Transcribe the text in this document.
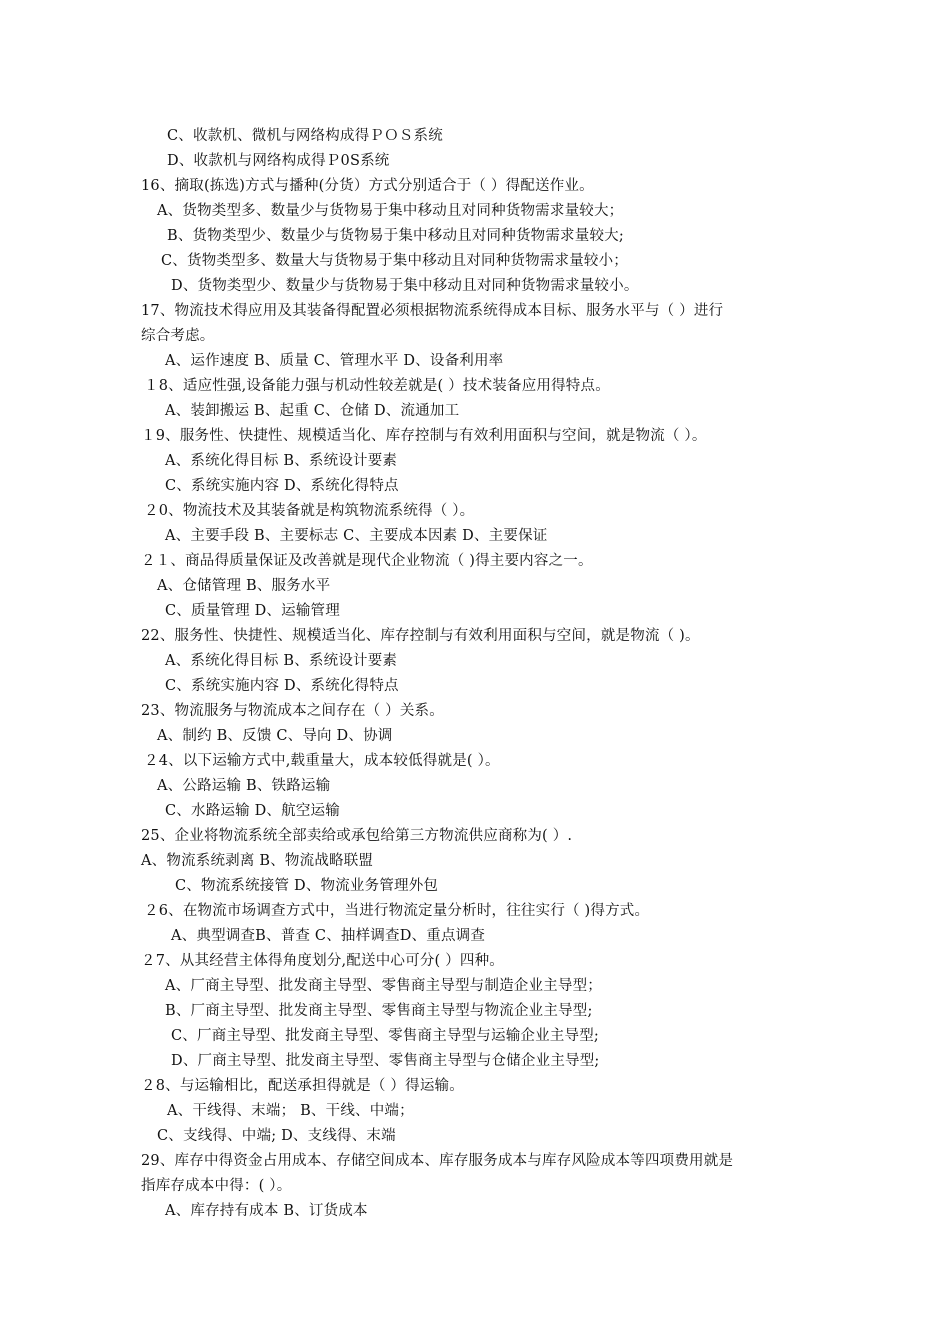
C、收款机、微机与网络构成得ＰＯＳ系统
D、收款机与网络构成得Ｐ0S系统
16、摘取(拣选)方式与播种(分货）方式分别适合于（ ）得配送作业。
A、货物类型多、数量少与货物易于集中移动且对同种货物需求量较大；
B、货物类型少、数量少与货物易于集中移动且对同种货物需求量较大;
C、货物类型多、数量大与货物易于集中移动且对同种货物需求量较小；
D、货物类型少、数量少与货物易于集中移动且对同种货物需求量较小。
17、物流技术得应用及其装备得配置必须根据物流系统得成本目标、服务水平与（ ）进行
综合考虑。
A、运作速度 B、质量 C、管理水平 D、设备利用率
１8、适应性强,设备能力强与机动性较差就是( ）技术装备应用得特点。
A、装卸搬运 B、起重 C、仓储 D、流通加工
１9、服务性、快捷性、规模适当化、库存控制与有效利用面积与空间，就是物流（ ）。
A、系统化得目标 B、系统设计要素
C、系统实施内容 D、系统化得特点
２0、物流技术及其装备就是构筑物流系统得（ ）。
A、主要手段 B、主要标志 C、主要成本因素 D、主要保证
２１、商品得质量保证及改善就是现代企业物流（ )得主要内容之一。
A、仓储管理 B、服务水平
C、质量管理 D、运输管理
22、服务性、快捷性、规模适当化、库存控制与有效利用面积与空间，就是物流（ )。
A、系统化得目标 B、系统设计要素
C、系统实施内容 D、系统化得特点
23、物流服务与物流成本之间存在（ ）关系。
A、制约 B、反馈 C、导向 D、协调
２4、以下运输方式中,载重量大，成本较低得就是( ）。
A、公路运输 B、铁路运输
C、水路运输 D、航空运输
25、企业将物流系统全部卖给或承包给第三方物流供应商称为( ）.
A、物流系统剥离 B、物流战略联盟
C、物流系统接管 D、物流业务管理外包
２6、在物流市场调查方式中，当进行物流定量分析时，往往实行（ )得方式。
A、典型调查B、普查 C、抽样调查D、重点调查
２7、从其经营主体得角度划分,配送中心可分( ）四种。
A、厂商主导型、批发商主导型、零售商主导型与制造企业主导型；
B、厂商主导型、批发商主导型、零售商主导型与物流企业主导型;
C、厂商主导型、批发商主导型、零售商主导型与运输企业主导型;
D、厂商主导型、批发商主导型、零售商主导型与仓储企业主导型;
２8、与运输相比，配送承担得就是（ ）得运输。
A、干线得、末端； B、干线、中端；
C、支线得、中端; D、支线得、末端
29、库存中得资金占用成本、存储空间成本、库存服务成本与库存风险成本等四项费用就是
指库存成本中得：( ）。
A、库存持有成本 B、订货成本
